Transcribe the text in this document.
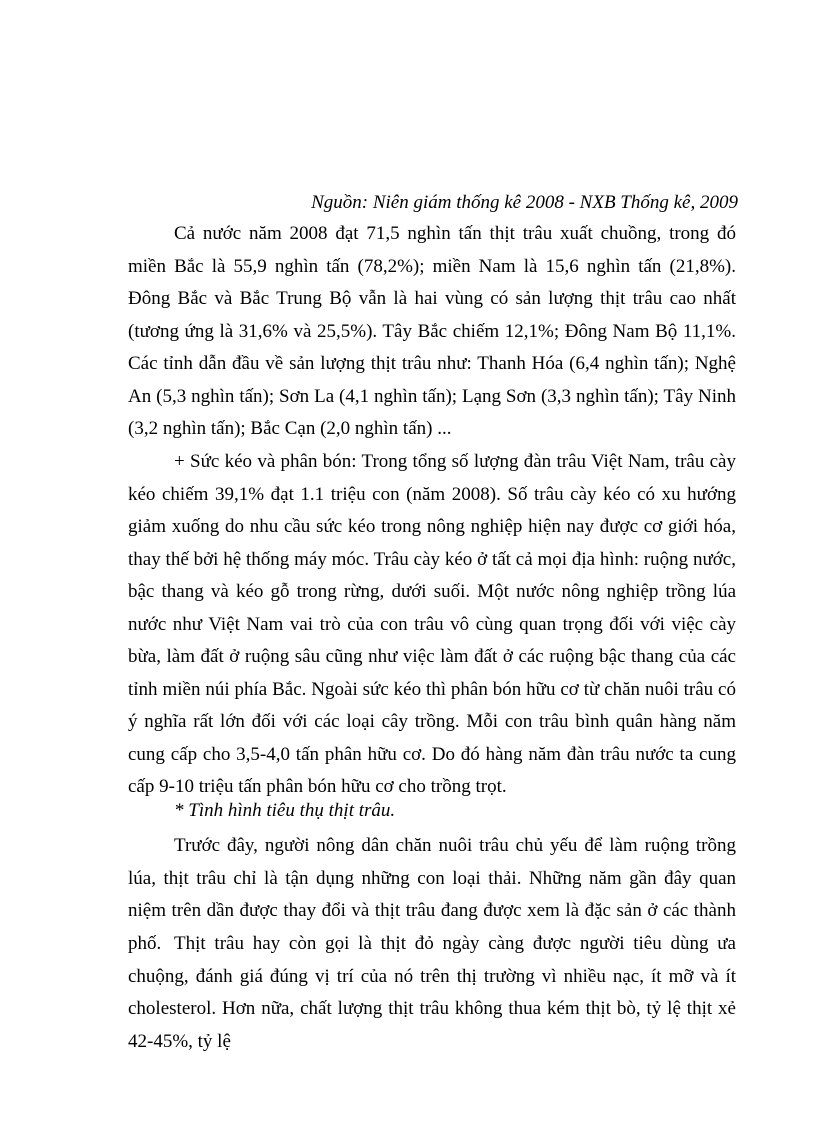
Nguồn: Niên giám thống kê 2008 - NXB Thống kê, 2009
Cả nước năm 2008 đạt 71,5 nghìn tấn thịt trâu xuất chuồng, trong đó miền Bắc là 55,9 nghìn tấn (78,2%); miền Nam là 15,6 nghìn tấn (21,8%). Đông Bắc và Bắc Trung Bộ vẫn là hai vùng có sản lượng thịt trâu cao nhất (tương ứng là 31,6% và 25,5%). Tây Bắc chiếm 12,1%; Đông Nam Bộ 11,1%. Các tỉnh dẫn đầu về sản lượng thịt trâu như: Thanh Hóa (6,4 nghìn tấn); Nghệ An (5,3 nghìn tấn); Sơn La (4,1 nghìn tấn); Lạng Sơn (3,3 nghìn tấn); Tây Ninh (3,2 nghìn tấn); Bắc Cạn (2,0 nghìn tấn) ...
+ Sức kéo và phân bón: Trong tổng số lượng đàn trâu Việt Nam, trâu cày kéo chiếm 39,1% đạt 1.1 triệu con (năm 2008). Số trâu cày kéo có xu hướng giảm xuống do nhu cầu sức kéo trong nông nghiệp hiện nay được cơ giới hóa, thay thế bởi hệ thống máy móc. Trâu cày kéo ở tất cả mọi địa hình: ruộng nước, bậc thang và kéo gỗ trong rừng, dưới suối. Một nước nông nghiệp trồng lúa nước như Việt Nam vai trò của con trâu vô cùng quan trọng đối với việc cày bừa, làm đất ở ruộng sâu cũng như việc làm đất ở các ruộng bậc thang của các tỉnh miền núi phía Bắc. Ngoài sức kéo thì phân bón hữu cơ từ chăn nuôi trâu có ý nghĩa rất lớn đối với các loại cây trồng. Mỗi con trâu bình quân hàng năm cung cấp cho 3,5-4,0 tấn phân hữu cơ. Do đó hàng năm đàn trâu nước ta cung cấp 9-10 triệu tấn phân bón hữu cơ cho trồng trọt.
* Tình hình tiêu thụ thịt trâu.
Trước đây, người nông dân chăn nuôi trâu chủ yếu để làm ruộng trồng lúa, thịt trâu chỉ là tận dụng những con loại thải. Những năm gần đây quan niệm trên dần được thay đổi và thịt trâu đang được xem là đặc sản ở các thành phố. Thịt trâu hay còn gọi là thịt đỏ ngày càng được người tiêu dùng ưa chuộng, đánh giá đúng vị trí của nó trên thị trường vì nhiều nạc, ít mỡ và ít cholesterol. Hơn nữa, chất lượng thịt trâu không thua kém thịt bò, tỷ lệ thịt xẻ 42-45%, tỷ lệ
